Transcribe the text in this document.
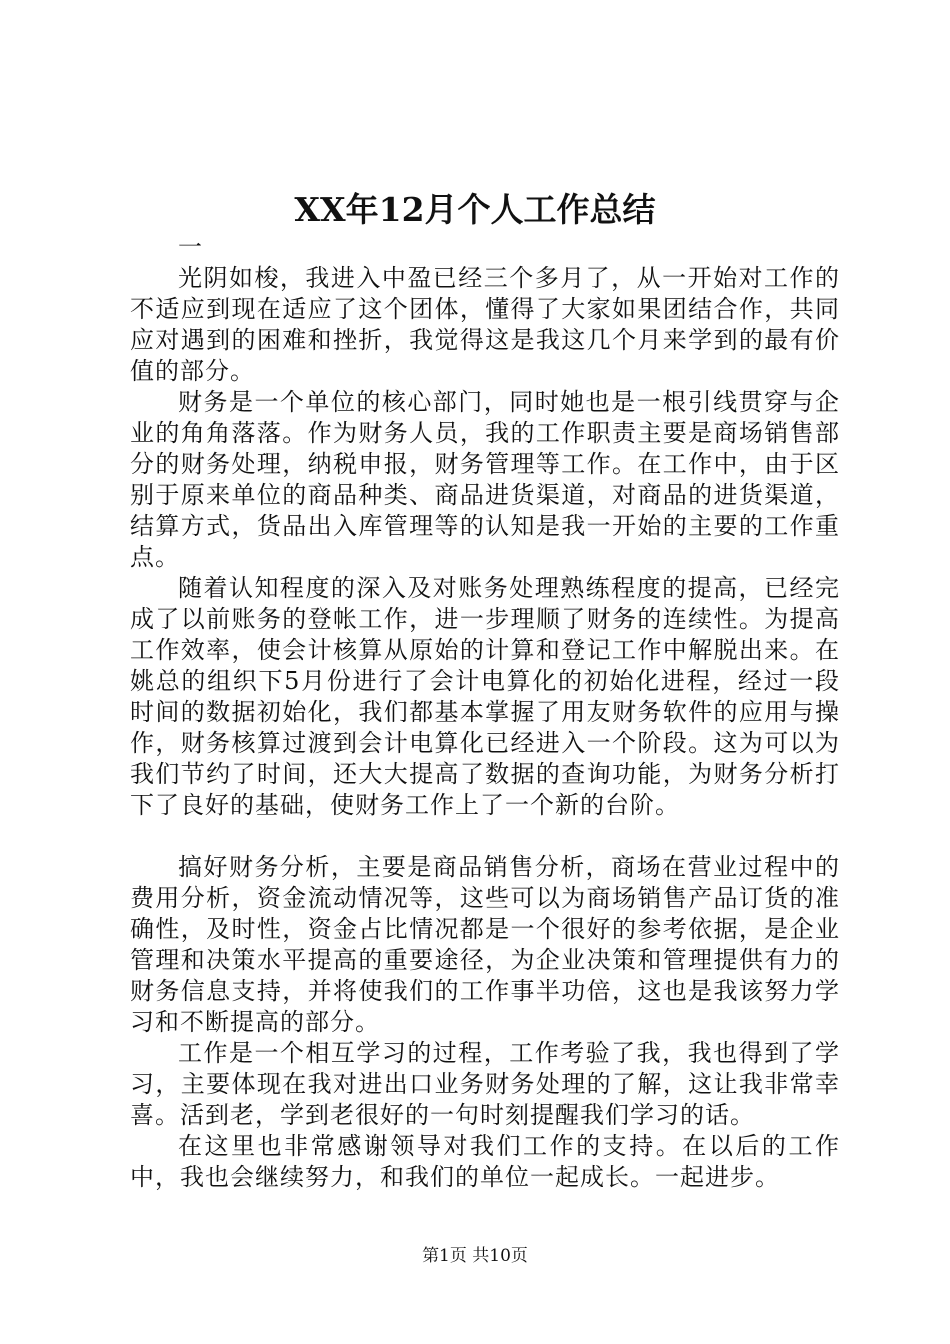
XX年12月个人工作总结

一

光阴如梭，我进入中盈已经三个多月了，从一开始对工作的不适应到现在适应了这个团体，懂得了大家如果团结合作，共同应对遇到的困难和挫折，我觉得这是我这几个月来学到的最有价值的部分。

财务是一个单位的核心部门，同时她也是一根引线贯穿与企业的角角落落。作为财务人员，我的工作职责主要是商场销售部分的财务处理，纳税申报，财务管理等工作。在工作中，由于区别于原来单位的商品种类、商品进货渠道，对商品的进货渠道，结算方式，货品出入库管理等的认知是我一开始的主要的工作重点。

随着认知程度的深入及对账务处理熟练程度的提高，已经完成了以前账务的登帐工作，进一步理顺了财务的连续性。为提高工作效率，使会计核算从原始的计算和登记工作中解脱出来。在姚总的组织下5月份进行了会计电算化的初始化进程，经过一段时间的数据初始化，我们都基本掌握了用友财务软件的应用与操作，财务核算过渡到会计电算化已经进入一个阶段。这为可以为我们节约了时间，还大大提高了数据的查询功能，为财务分析打下了良好的基础，使财务工作上了一个新的台阶。

搞好财务分析，主要是商品销售分析，商场在营业过程中的费用分析，资金流动情况等，这些可以为商场销售产品订货的准确性，及时性，资金占比情况都是一个很好的参考依据，是企业管理和决策水平提高的重要途径，为企业决策和管理提供有力的财务信息支持，并将使我们的工作事半功倍，这也是我该努力学习和不断提高的部分。

工作是一个相互学习的过程，工作考验了我，我也得到了学习，主要体现在我对进出口业务财务处理的了解，这让我非常幸喜。活到老，学到老很好的一句时刻提醒我们学习的话。

在这里也非常感谢领导对我们工作的支持。在以后的工作中，我也会继续努力，和我们的单位一起成长。一起进步。

第1页 共10页
